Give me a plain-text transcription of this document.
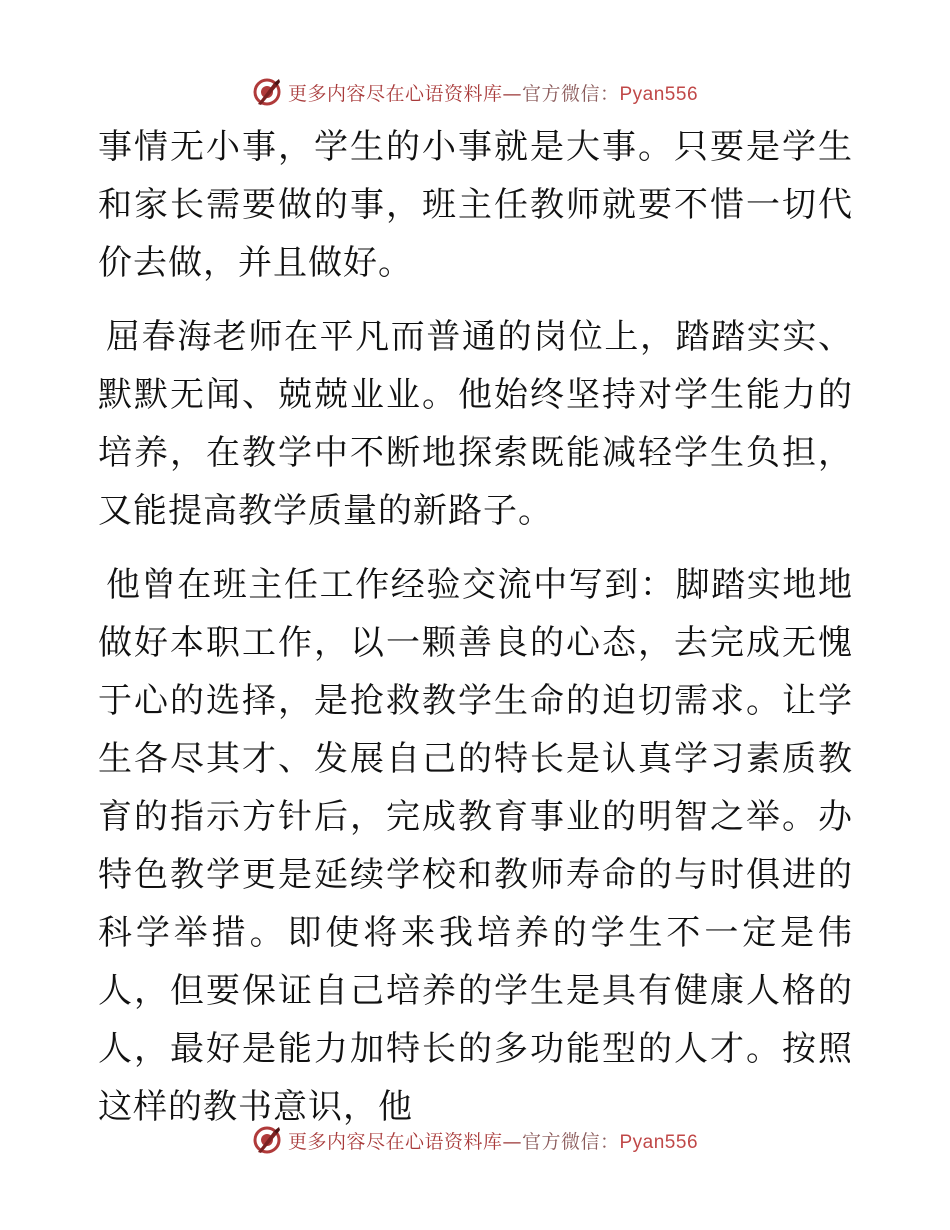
更多内容尽在心语资料库—官方微信：Pyan556

事情无小事，学生的小事就是大事。只要是学生和家长需要做的事，班主任教师就要不惜一切代价去做，并且做好。

屈春海老师在平凡而普通的岗位上，踏踏实实、默默无闻、兢兢业业。他始终坚持对学生能力的培养，在教学中不断地探索既能减轻学生负担，又能提高教学质量的新路子。

他曾在班主任工作经验交流中写到：脚踏实地地做好本职工作，以一颗善良的心态，去完成无愧于心的选择，是抢救教学生命的迫切需求。让学生各尽其才、发展自己的特长是认真学习素质教育的指示方针后，完成教育事业的明智之举。办特色教学更是延续学校和教师寿命的与时俱进的科学举措。即使将来我培养的学生不一定是伟人，但要保证自己培养的学生是具有健康人格的人，最好是能力加特长的多功能型的人才。按照这样的教书意识，他

更多内容尽在心语资料库—官方微信：Pyan556
